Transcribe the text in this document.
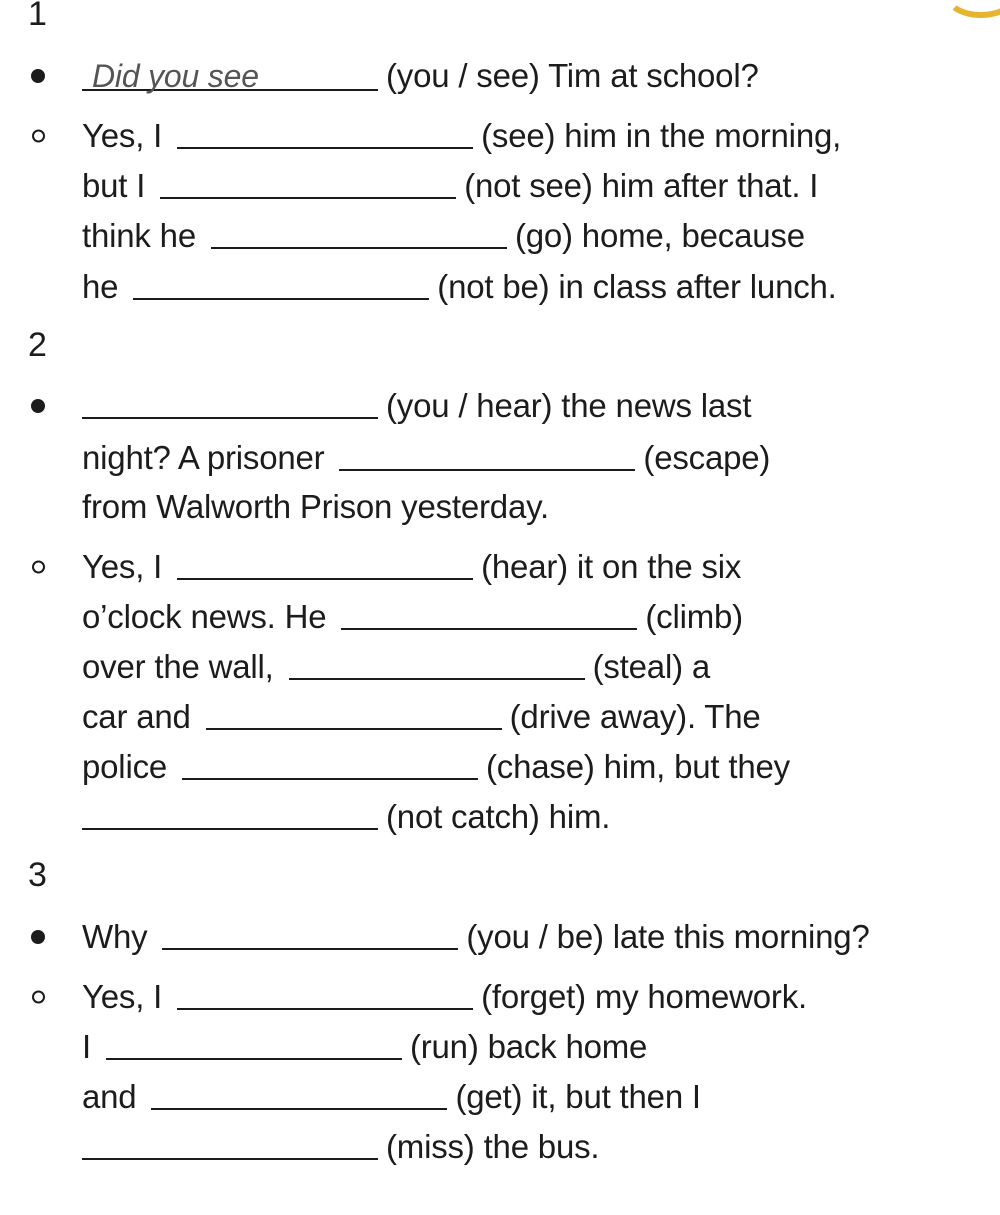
1
Did you see	(you / see) Tim at school?
Yes, I	(see) him in the morning,
but I	(not see) him after that. I
think he	(go) home, because
he	(not be) in class after lunch.
2
(you / hear) the news last
night? A prisoner	(escape)
from Walworth Prison yesterday.
Yes, I	(hear) it on the six
o’clock news. He	(climb)
over the wall,	(steal) a
car and	(drive away). The
police	(chase) him, but they
(not catch) him.
3
Why	(you / be) late this morning?
Yes, I	(forget) my homework.
I	(run) back home
and	(get) it, but then I
(miss) the bus.
